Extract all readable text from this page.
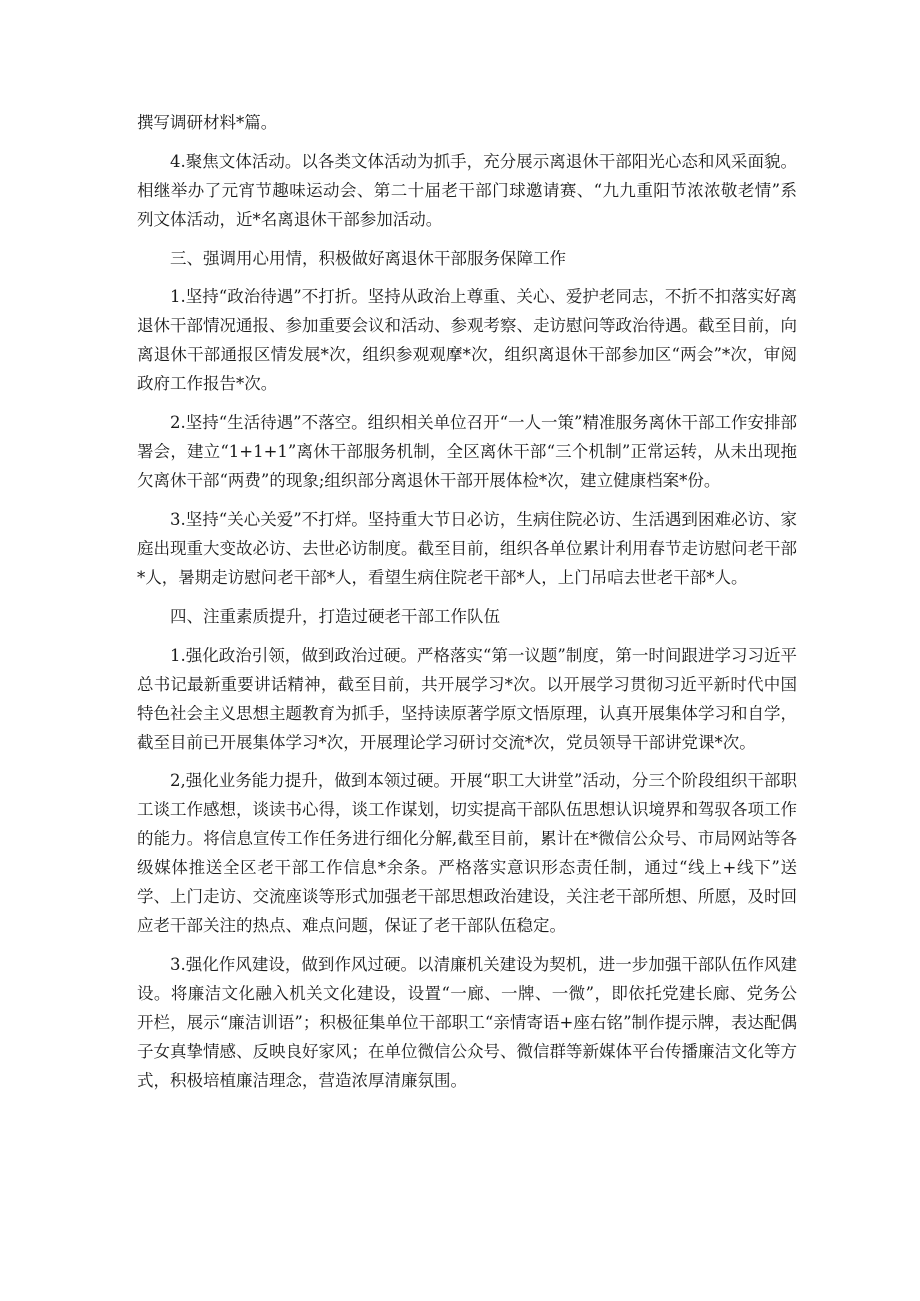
撰写调研材料*篇。

4.聚焦文体活动。以各类文体活动为抓手，充分展示离退休干部阳光心态和风采面貌。相继举办了元宵节趣味运动会、第二十届老干部门球邀请赛、“九九重阳节浓浓敬老情”系列文体活动，近*名离退休干部参加活动。

三、强调用心用情，积极做好离退休干部服务保障工作

1.坚持“政治待遇”不打折。坚持从政治上尊重、关心、爱护老同志，不折不扣落实好离退休干部情况通报、参加重要会议和活动、参观考察、走访慰问等政治待遇。截至目前，向离退休干部通报区情发展*次，组织参观观摩*次，组织离退休干部参加区“两会”*次，审阅政府工作报告*次。

2.坚持“生活待遇”不落空。组织相关单位召开“一人一策”精准服务离休干部工作安排部署会，建立“1+1+1”离休干部服务机制，全区离休干部“三个机制”正常运转，从未出现拖欠离休干部“两费”的现象;组织部分离退休干部开展体检*次，建立健康档案*份。

3.坚持“关心关爱”不打烊。坚持重大节日必访，生病住院必访、生活遇到困难必访、家庭出现重大变故必访、去世必访制度。截至目前，组织各单位累计利用春节走访慰问老干部*人，暑期走访慰问老干部*人，看望生病住院老干部*人，上门吊唁去世老干部*人。

四、注重素质提升，打造过硬老干部工作队伍

1.强化政治引领，做到政治过硬。严格落实“第一议题”制度，第一时间跟进学习习近平总书记最新重要讲话精神，截至目前，共开展学习*次。以开展学习贯彻习近平新时代中国特色社会主义思想主题教育为抓手，坚持读原著学原文悟原理，认真开展集体学习和自学，截至目前已开展集体学习*次，开展理论学习研讨交流*次，党员领导干部讲党课*次。

2,强化业务能力提升，做到本领过硬。开展“职工大讲堂”活动，分三个阶段组织干部职工谈工作感想，谈读书心得，谈工作谋划，切实提高干部队伍思想认识境界和驾驭各项工作的能力。将信息宣传工作任务进行细化分解,截至目前，累计在*微信公众号、市局网站等各级媒体推送全区老干部工作信息*余条。严格落实意识形态责任制，通过“线上+线下”送学、上门走访、交流座谈等形式加强老干部思想政治建设，关注老干部所想、所愿，及时回应老干部关注的热点、难点问题，保证了老干部队伍稳定。

3.强化作风建设，做到作风过硬。以清廉机关建设为契机，进一步加强干部队伍作风建设。将廉洁文化融入机关文化建设，设置“一廊、一牌、一微”，即依托党建长廊、党务公开栏，展示“廉洁训语”；积极征集单位干部职工“亲情寄语+座右铭”制作提示牌，表达配偶子女真挚情感、反映良好家风；在单位微信公众号、微信群等新媒体平台传播廉洁文化等方式，积极培植廉洁理念，营造浓厚清廉氛围。
